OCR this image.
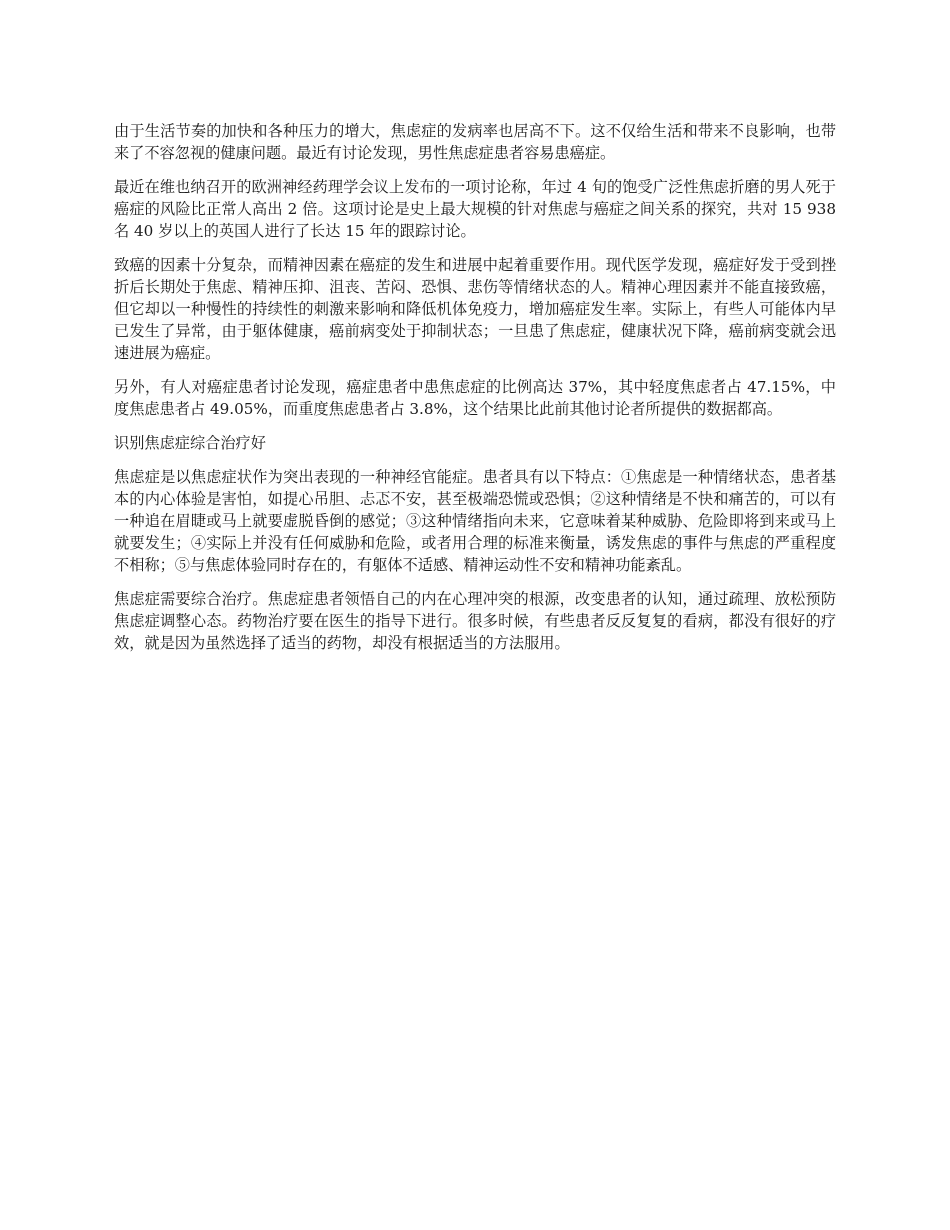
由于生活节奏的加快和各种压力的增大，焦虑症的发病率也居高不下。这不仅给生活和带来不良影响，也带来了不容忽视的健康问题。最近有讨论发现，男性焦虑症患者容易患癌症。

最近在维也纳召开的欧洲神经药理学会议上发布的一项讨论称，年过 4 旬的饱受广泛性焦虑折磨的男人死于癌症的风险比正常人高出 2 倍。这项讨论是史上最大规模的针对焦虑与癌症之间关系的探究，共对 15 938 名 40 岁以上的英国人进行了长达 15 年的跟踪讨论。

致癌的因素十分复杂，而精神因素在癌症的发生和进展中起着重要作用。现代医学发现，癌症好发于受到挫折后长期处于焦虑、精神压抑、沮丧、苦闷、恐惧、悲伤等情绪状态的人。精神心理因素并不能直接致癌，但它却以一种慢性的持续性的刺激来影响和降低机体免疫力，增加癌症发生率。实际上，有些人可能体内早已发生了异常，由于躯体健康，癌前病变处于抑制状态；一旦患了焦虑症，健康状况下降，癌前病变就会迅速进展为癌症。

另外，有人对癌症患者讨论发现，癌症患者中患焦虑症的比例高达 37%，其中轻度焦虑者占 47.15%，中度焦虑患者占 49.05%，而重度焦虑患者占 3.8%，这个结果比此前其他讨论者所提供的数据都高。

识别焦虑症综合治疗好

焦虑症是以焦虑症状作为突出表现的一种神经官能症。患者具有以下特点：①焦虑是一种情绪状态，患者基本的内心体验是害怕，如提心吊胆、忐忑不安，甚至极端恐慌或恐惧；②这种情绪是不快和痛苦的，可以有一种追在眉睫或马上就要虚脱昏倒的感觉；③这种情绪指向未来，它意味着某种威胁、危险即将到来或马上就要发生；④实际上并没有任何威胁和危险，或者用合理的标准来衡量，诱发焦虑的事件与焦虑的严重程度不相称；⑤与焦虑体验同时存在的，有躯体不适感、精神运动性不安和精神功能紊乱。

焦虑症需要综合治疗。焦虑症患者领悟自己的内在心理冲突的根源，改变患者的认知，通过疏理、放松预防焦虑症调整心态。药物治疗要在医生的指导下进行。很多时候，有些患者反反复复的看病，都没有很好的疗效，就是因为虽然选择了适当的药物，却没有根据适当的方法服用。
